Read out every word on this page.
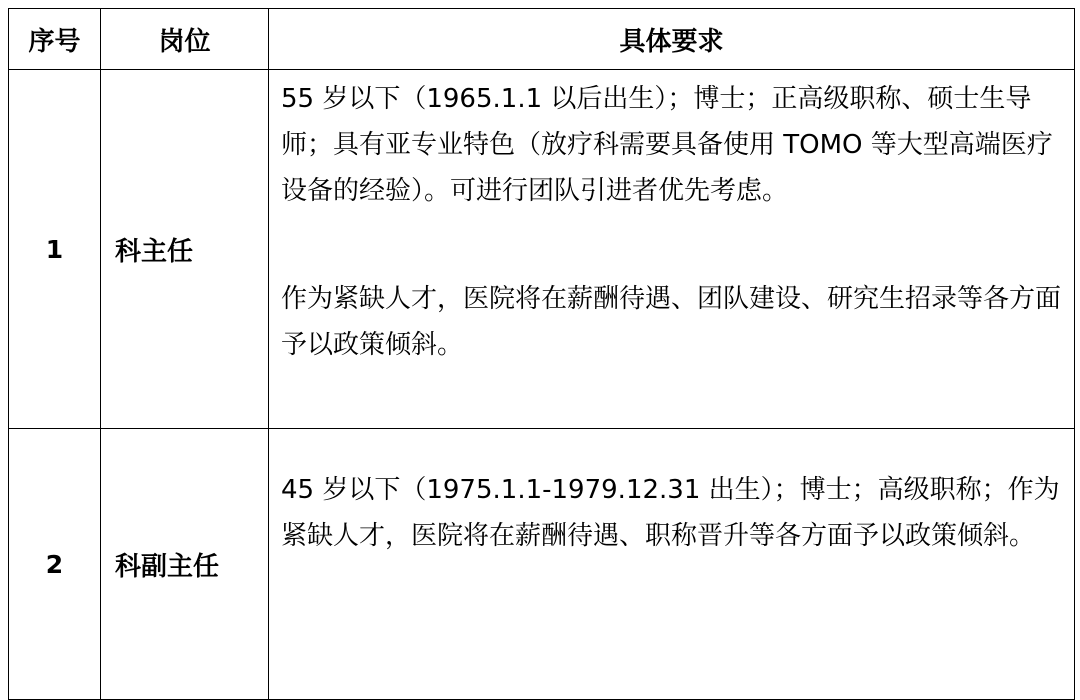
序号	岗位	具体要求
1	科主任	55 岁以下（1965.1.1 以后出生）；博士；正高级职称、硕士生导师；具有亚专业特色（放疗科需要具备使用 TOMO 等大型高端医疗设备的经验）。可进行团队引进者优先考虑。

作为紧缺人才，医院将在薪酬待遇、团队建设、研究生招录等各方面予以政策倾斜。

2	科副主任	45 岁以下（1975.1.1-1979.12.31 出生）；博士；高级职称；作为紧缺人才，医院将在薪酬待遇、职称晋升等各方面予以政策倾斜。
